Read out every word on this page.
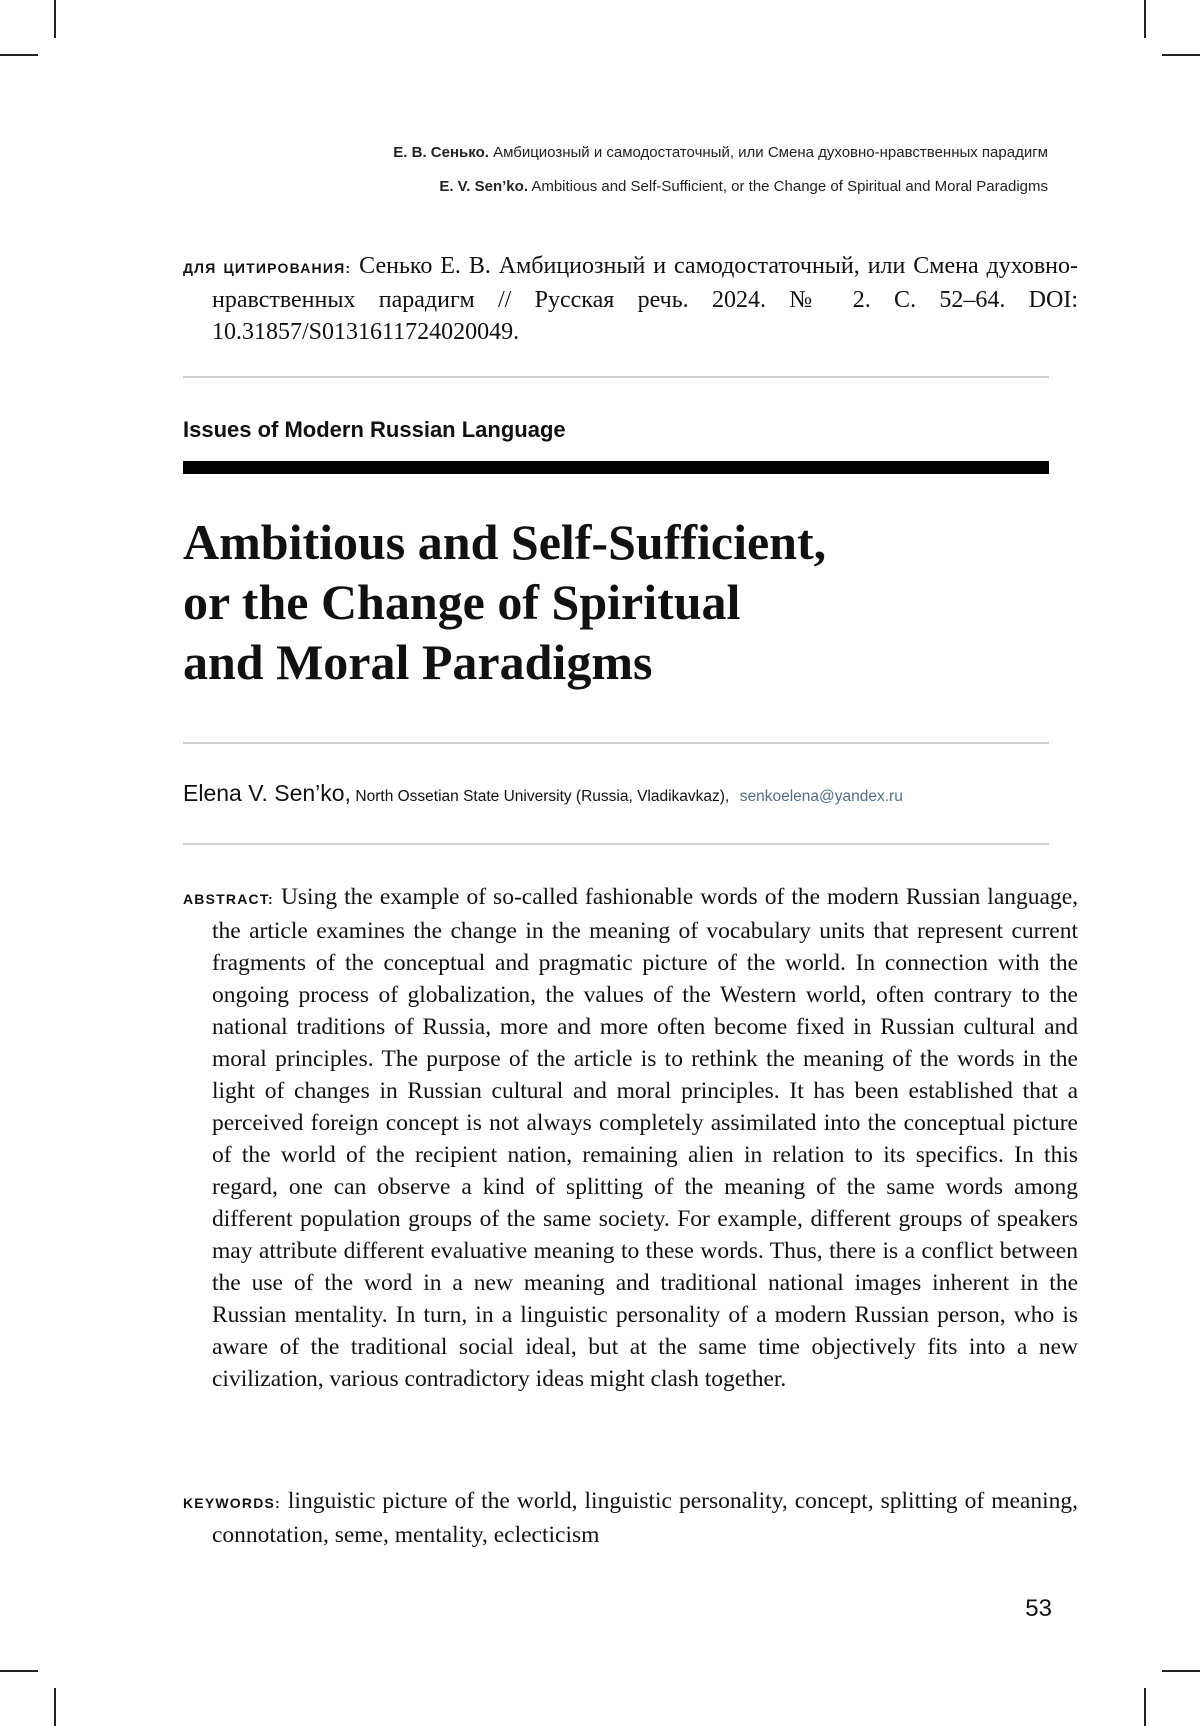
Е. В. Сенько. Амбициозный и самодостаточный, или Смена духовно-нравственных парадигм
E. V. Sen’ko. Ambitious and Self-Sufficient, or the Change of Spiritual and Moral Paradigms

ДЛЯ ЦИТИРОВАНИЯ: Сенько Е. В. Амбициозный и самодостаточный, или Смена духовно-нравственных парадигм // Русская речь. 2024. № 2. С. 52–64. DOI: 10.31857/S0131611724020049.

Issues of Modern Russian Language
Ambitious and Self-Sufficient,
or the Change of Spiritual
and Moral Paradigms
Elena V. Sen’ko, North Ossetian State University (Russia, Vladikavkaz), senkoelena@yandex.ru

ABSTRACT: Using the example of so-called fashionable words of the modern Russian language, the article examines the change in the meaning of vocabulary units that represent current fragments of the conceptual and pragmatic picture of the world. In connection with the ongoing process of globalization, the values of the Western world, often contrary to the national traditions of Russia, more and more often become fixed in Russian cultural and moral principles. The purpose of the article is to rethink the meaning of the words in the light of changes in Russian cultural and moral principles. It has been established that a perceived foreign concept is not always completely assimilated into the conceptual picture of the world of the recipient nation, remaining alien in relation to its specifics. In this regard, one can observe a kind of splitting of the meaning of the same words among different population groups of the same society. For example, different groups of speakers may attribute different evaluative meaning to these words. Thus, there is a conflict between the use of the word in a new meaning and traditional national images inherent in the Russian mentality. In turn, in a linguistic personality of a modern Russian person, who is aware of the traditional social ideal, but at the same time objectively fits into a new civilization, various contradictory ideas might clash together.

KEYWORDS: linguistic picture of the world, linguistic personality, concept, splitting of meaning, connotation, seme, mentality, eclecticism

53
